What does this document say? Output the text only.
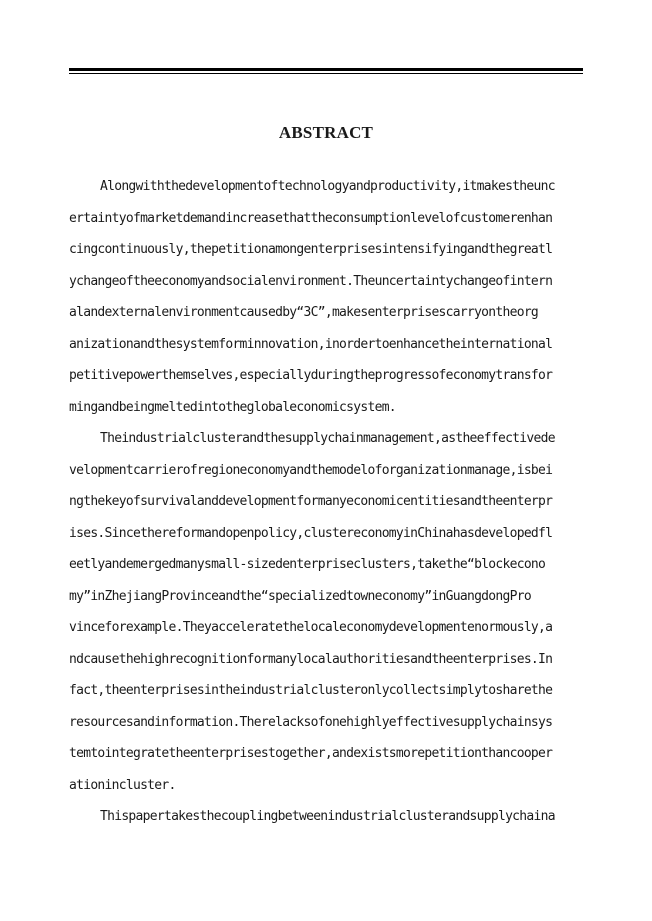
ABSTRACT
Alongwiththedevelopmentoftechnologyandproductivity,itmakestheunc
ertaintyofmarketdemandincreasethattheconsumptionlevelofcustomerenhan
cingcontinuously,thepetitionamongenterprisesintensifyingandthegreatl
ychangeoftheeconomyandsocialenvironment.Theuncertaintychangeofintern
alandexternalenvironmentcausedby“3C”,makesenterprisescarryontheorg
anizationandthesystemforminnovation,inordertoenhancetheinternational
petitivepowerthemselves,especiallyduringtheprogressofeconomytransfor
mingandbeingmeltedintotheglobaleconomicsystem.
Theindustrialclusterandthesupplychainmanagement,astheeffectivede
velopmentcarrierofregioneconomyandthemodeloforganizationmanage,isbei
ngthekeyofsurvivalanddevelopmentformanyeconomicentitiesandtheenterpr
ises.Sincethereformandopenpolicy,clustereconomyinChinahasdevelopedfl
eetlyandemergedmanysmall-sizedenterpriseclusters,takethe“blockecono
my”inZhejiangProvinceandthe“specializedtowneconomy”inGuangdongPro
vinceforexample.Theyacceleratethelocaleconomydevelopmentenormously,a
ndcausethehighrecognitionformanylocalauthoritiesandtheenterprises.In
fact,theenterprisesintheindustrialclusteronlycollectsimplytosharethe
resourcesandinformation.Therelacksofonehighlyeffectivesupplychainsys
temtointegratetheenterprisestogether,andexistsmorepetitionthancooper
ationincluster.
Thispapertakesthecouplingbetweenindustrialclusterandsupplychaina
